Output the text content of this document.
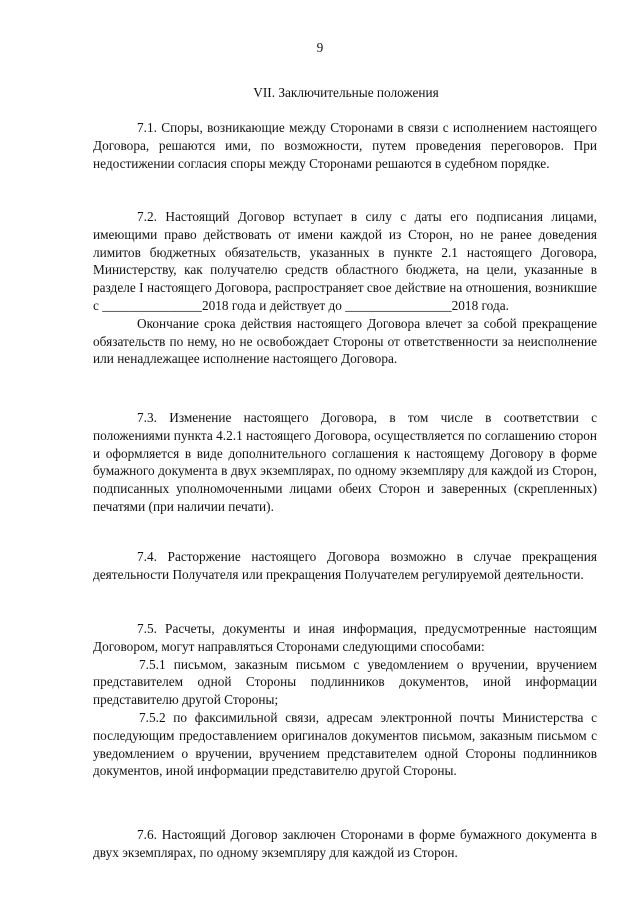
9
VII. Заключительные положения

7.1. Споры, возникающие между Сторонами в связи с исполнением настоящего Договора, решаются ими, по возможности, путем проведения переговоров. При недостижении согласия споры между Сторонами решаются в судебном порядке.

7.2. Настоящий Договор вступает в силу с даты его подписания лицами, имеющими право действовать от имени каждой из Сторон, но не ранее доведения лимитов бюджетных обязательств, указанных в пункте 2.1 настоящего Договора, Министерству, как получателю средств областного бюджета, на цели, указанные в разделе I настоящего Договора, распространяет свое действие на отношения, возникшие с _______________2018 года и действует до ________________2018 года.

Окончание срока действия настоящего Договора влечет за собой прекращение обязательств по нему, но не освобождает Стороны от ответственности за неисполнение или ненадлежащее исполнение настоящего Договора.

7.3. Изменение настоящего Договора, в том числе в соответствии с положениями пункта 4.2.1 настоящего Договора, осуществляется по соглашению сторон и оформляется в виде дополнительного соглашения к настоящему Договору в форме бумажного документа в двух экземплярах, по одному экземпляру для каждой из Сторон, подписанных уполномоченными лицами обеих Сторон и заверенных (скрепленных) печатями (при наличии печати).

7.4. Расторжение настоящего Договора возможно в случае прекращения деятельности Получателя или прекращения Получателем регулируемой деятельности.

7.5. Расчеты, документы и иная информация, предусмотренные настоящим Договором, могут направляться Сторонами следующими способами:

7.5.1 письмом, заказным письмом с уведомлением о вручении, вручением представителем одной Стороны подлинников документов, иной информации представителю другой Стороны;

7.5.2 по факсимильной связи, адресам электронной почты Министерства с последующим предоставлением оригиналов документов письмом, заказным письмом с уведомлением о вручении, вручением представителем одной Стороны подлинников документов, иной информации представителю другой Стороны.

7.6. Настоящий Договор заключен Сторонами в форме бумажного документа в двух экземплярах, по одному экземпляру для каждой из Сторон.
